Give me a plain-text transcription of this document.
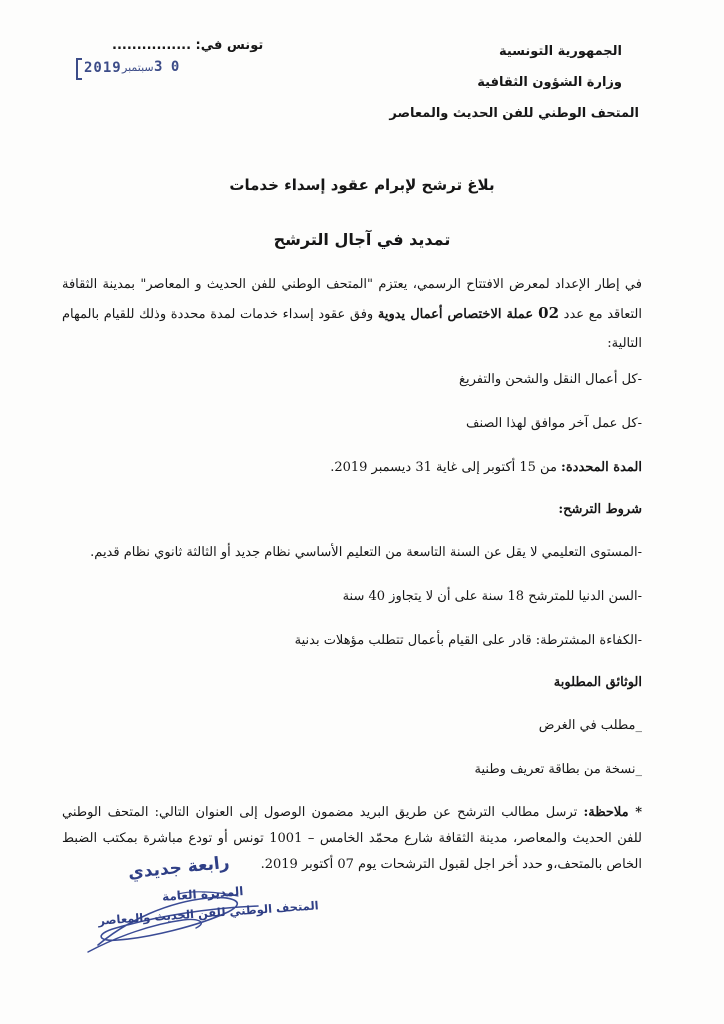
الجمهورية التونسية
وزارة الشؤون الثقافية
المتحف الوطني للفن الحديث والمعاصر
تونس في: ................
2019 سبتمبر 3 0
بلاغ ترشح لإبرام عقود إسداء خدمات
تمديد في آجال الترشح

في إطار الإعداد لمعرض الافتتاح الرسمي، يعتزم "المتحف الوطني للفن الحديث و المعاصر" بمدينة الثقافة التعاقد مع عدد 02 عملة الاختصاص أعمال يدوية وفق عقود إسداء خدمات لمدة محددة وذلك للقيام بالمهام التالية:

-كل أعمال النقل والشحن والتفريغ

-كل عمل آخر موافق لهذا الصنف

المدة المحددة: من 15 أكتوبر إلى غاية 31 ديسمبر 2019.

شروط الترشح:

-المستوى التعليمي لا يقل عن السنة التاسعة من التعليم الأساسي نظام جديد أو الثالثة ثانوي نظام قديم.

-السن الدنيا للمترشح 18 سنة على أن لا يتجاوز 40 سنة

-الكفاءة المشترطة: قادر على القيام بأعمال تتطلب مؤهلات بدنية

الوثائق المطلوبة

_مطلب في الغرض

_نسخة من بطاقة تعريف وطنية

* ملاحظة: ترسل مطالب الترشح عن طريق البريد مضمون الوصول إلى العنوان التالي: المتحف الوطني للفن الحديث والمعاصر، مدينة الثقافة شارع محمّد الخامس – 1001 تونس أو تودع مباشرة بمكتب الضبط الخاص بالمتحف،و حدد أخر اجل لقبول الترشحات يوم 07 أكتوبر 2019.

رابعة جديدي
المديرة العامة
المتحف الوطني للفن الحديث والمعاصر
